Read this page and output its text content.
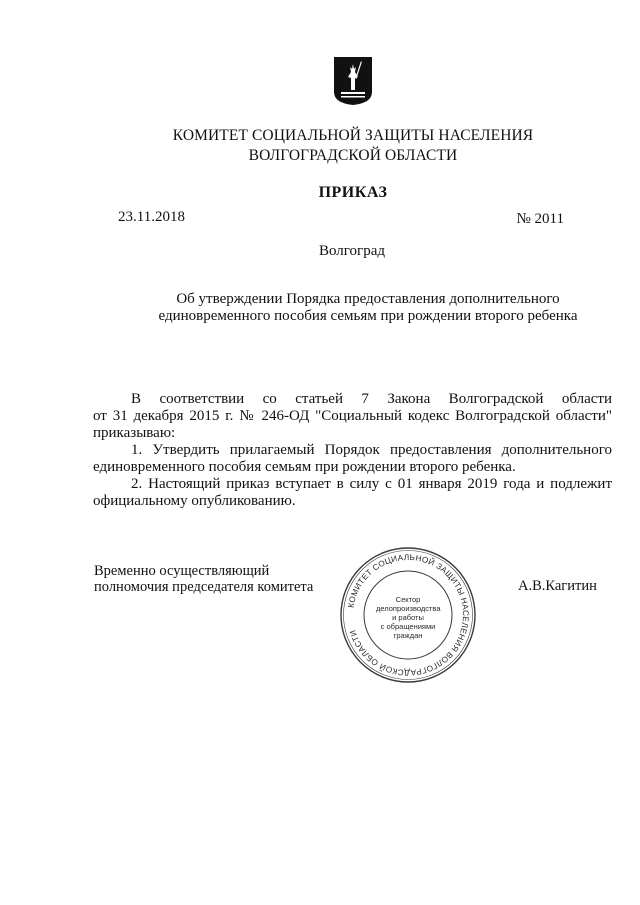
КОМИТЕТ СОЦИАЛЬНОЙ ЗАЩИТЫ НАСЕЛЕНИЯ
ВОЛГОГРАДСКОЙ ОБЛАСТИ
ПРИКАЗ
23.11.2018	№ 2011
Волгоград
Об утверждении Порядка предоставления дополнительного
единовременного пособия семьям при рождении второго ребенка

В соответствии со статьей 7 Закона Волгоградской области

от 31 декабря 2015 г. № 246-ОД "Социальный кодекс Волгоградской области"

приказываю:

1. Утвердить прилагаемый Порядок предоставления дополнительного

единовременного пособия семьям при рождении второго ребенка.

2. Настоящий приказ вступает в силу с 01 января 2019 года и подлежит

официальному опубликованию.

Временно осуществляющий
полномочия председателя комитета
КОМИТЕТ СОЦИАЛЬНОЙ ЗАЩИТЫ НАСЕЛЕНИЯ ВОЛГОГРАДСКОЙ ОБЛАСТИ
Сектор
делопроизводства
и работы
с обращениями
граждан
А.В.Кагитин
